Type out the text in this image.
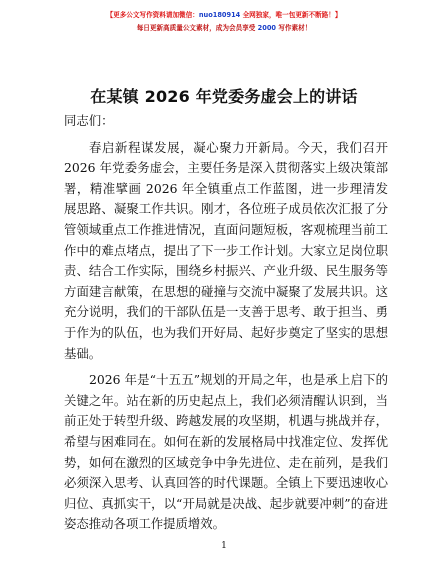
【更多公文写作资料请加微信：nuo180914 全网独家，唯一包更新不断路！】
每日更新高质量公文素材，成为会员享受 2000 写作素材！
在某镇 2026 年党委务虚会上的讲话

同志们：

春启新程谋发展，凝心聚力开新局。今天，我们召开 2026 年党委务虚会，主要任务是深入贯彻落实上级决策部署，精准擘画 2026 年全镇重点工作蓝图，进一步理清发展思路、凝聚工作共识。刚才，各位班子成员依次汇报了分管领域重点工作推进情况，直面问题短板，客观梳理当前工作中的难点堵点，提出了下一步工作计划。大家立足岗位职责、结合工作实际，围绕乡村振兴、产业升级、民生服务等方面建言献策，在思想的碰撞与交流中凝聚了发展共识。这充分说明，我们的干部队伍是一支善于思考、敢于担当、勇于作为的队伍，也为我们开好局、起好步奠定了坚实的思想基础。

2026 年是“十五五”规划的开局之年，也是承上启下的关键之年。站在新的历史起点上，我们必须清醒认识到，当前正处于转型升级、跨越发展的攻坚期，机遇与挑战并存，希望与困难同在。如何在新的发展格局中找准定位、发挥优势，如何在激烈的区域竞争中争先进位、走在前列，是我们必须深入思考、认真回答的时代课题。全镇上下要迅速收心归位、真抓实干，以“开局就是决战、起步就要冲刺”的奋进姿态推动各项工作提质增效。

1
